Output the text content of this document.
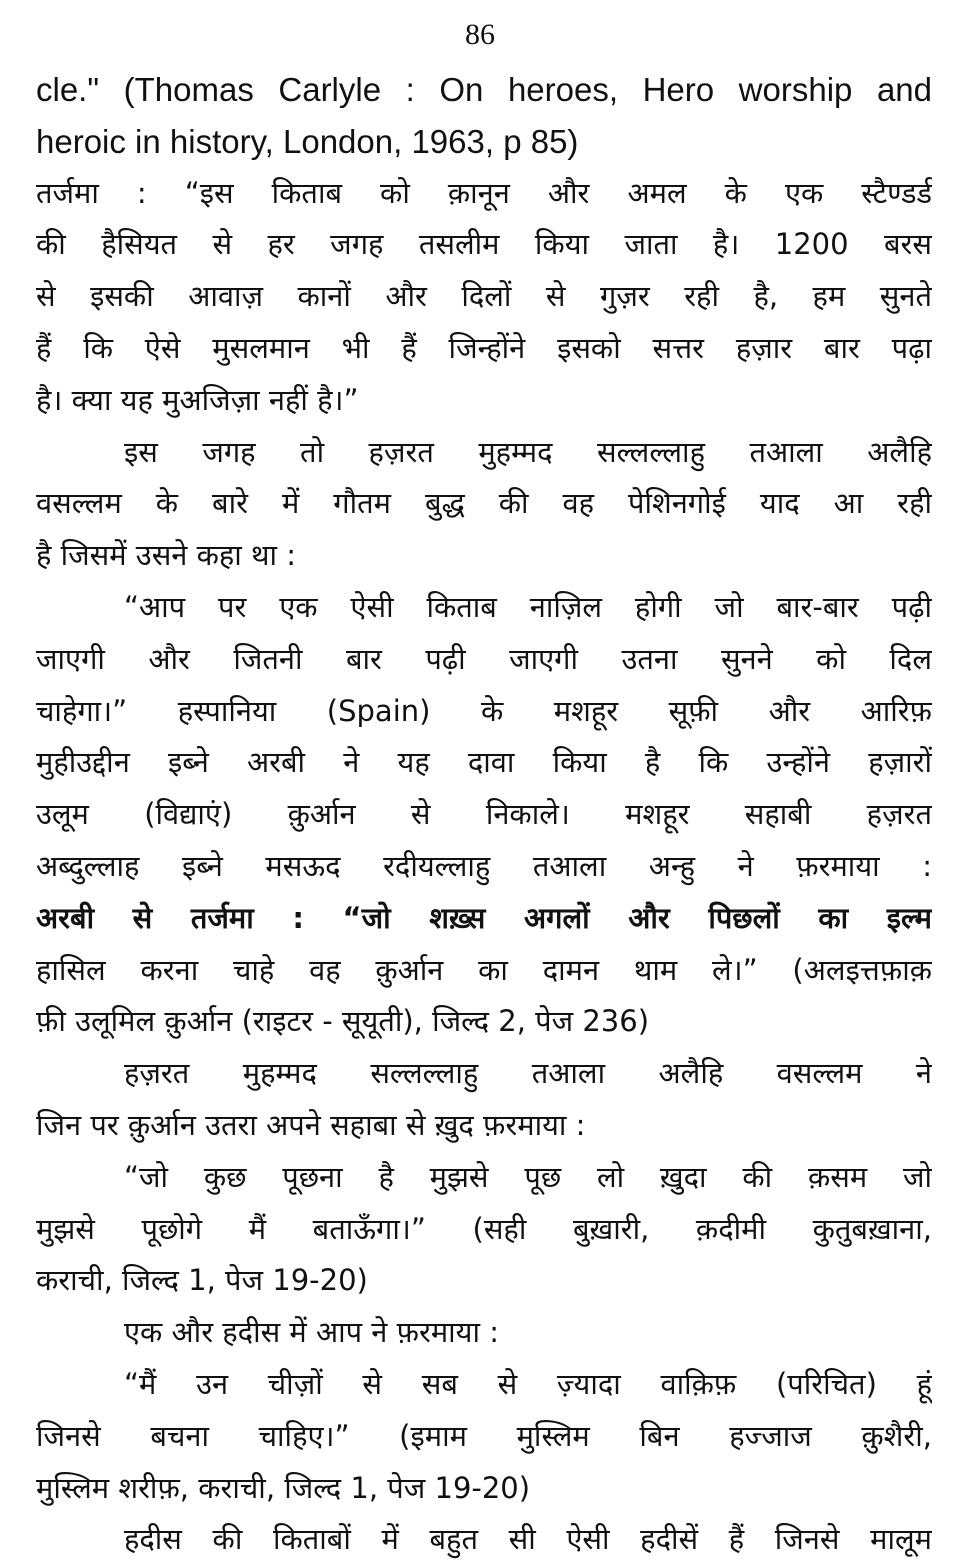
86
cle." (Thomas Carlyle : On heroes, Hero worship and
heroic in history, London, 1963, p 85)
तर्जमा : “इस किताब को क़ानून और अमल के एक स्टैण्डर्ड
की हैसियत से हर जगह तसलीम किया जाता है। 1200 बरस
से इसकी आवाज़ कानों और दिलों से गुज़र रही है, हम सुनते
हैं कि ऐसे मुसलमान भी हैं जिन्होंने इसको सत्तर हज़ार बार पढ़ा
है। क्या यह मुअजिज़ा नहीं है।”
इस जगह तो हज़रत मुहम्मद सल्लल्लाहु तआला अलैहि
वसल्लम के बारे में गौतम बुद्ध की वह पेशिनगोई याद आ रही
है जिसमें उसने कहा था :
“आप पर एक ऐसी किताब नाज़िल होगी जो बार-बार पढ़ी
जाएगी और जितनी बार पढ़ी जाएगी उतना सुनने को दिल
चाहेगा।” हस्पानिया (Spain) के मशहूर सूफ़ी और आरिफ़
मुहीउद्दीन इब्ने अरबी ने यह दावा किया है कि उन्होंने हज़ारों
उलूम (विद्याएं) क़ुर्आन से निकाले। मशहूर सहाबी हज़रत
अब्दुल्लाह इब्ने मसऊद रदीयल्लाहु तआला अन्हु ने फ़रमाया :
अरबी से तर्जमा : “जो शख़्स अगलों और पिछलों का इल्म
हासिल करना चाहे वह क़ुर्आन का दामन थाम ले।” (अलइत्तफ़ाक़
फ़ी उलूमिल क़ुर्आन (राइटर - सूयूती), जिल्द 2, पेज 236)
हज़रत मुहम्मद सल्लल्लाहु तआला अलैहि वसल्लम ने
जिन पर क़ुर्आन उतरा अपने सहाबा से ख़ुद फ़रमाया :
“जो कुछ पूछना है मुझसे पूछ लो ख़ुदा की क़सम जो
मुझसे पूछोगे मैं बताऊँगा।” (सही बुख़ारी, क़दीमी कुतुबख़ाना,
कराची, जिल्द 1, पेज 19-20)
एक और हदीस में आप ने फ़रमाया :
“मैं उन चीज़ों से सब से ज़्यादा वाक़िफ़ (परिचित) हूं
जिनसे बचना चाहिए।” (इमाम मुस्लिम बिन हज्जाज क़ुशैरी,
मुस्लिम शरीफ़, कराची, जिल्द 1, पेज 19-20)
हदीस की किताबों में बहुत सी ऐसी हदीसें हैं जिनसे मालूम
